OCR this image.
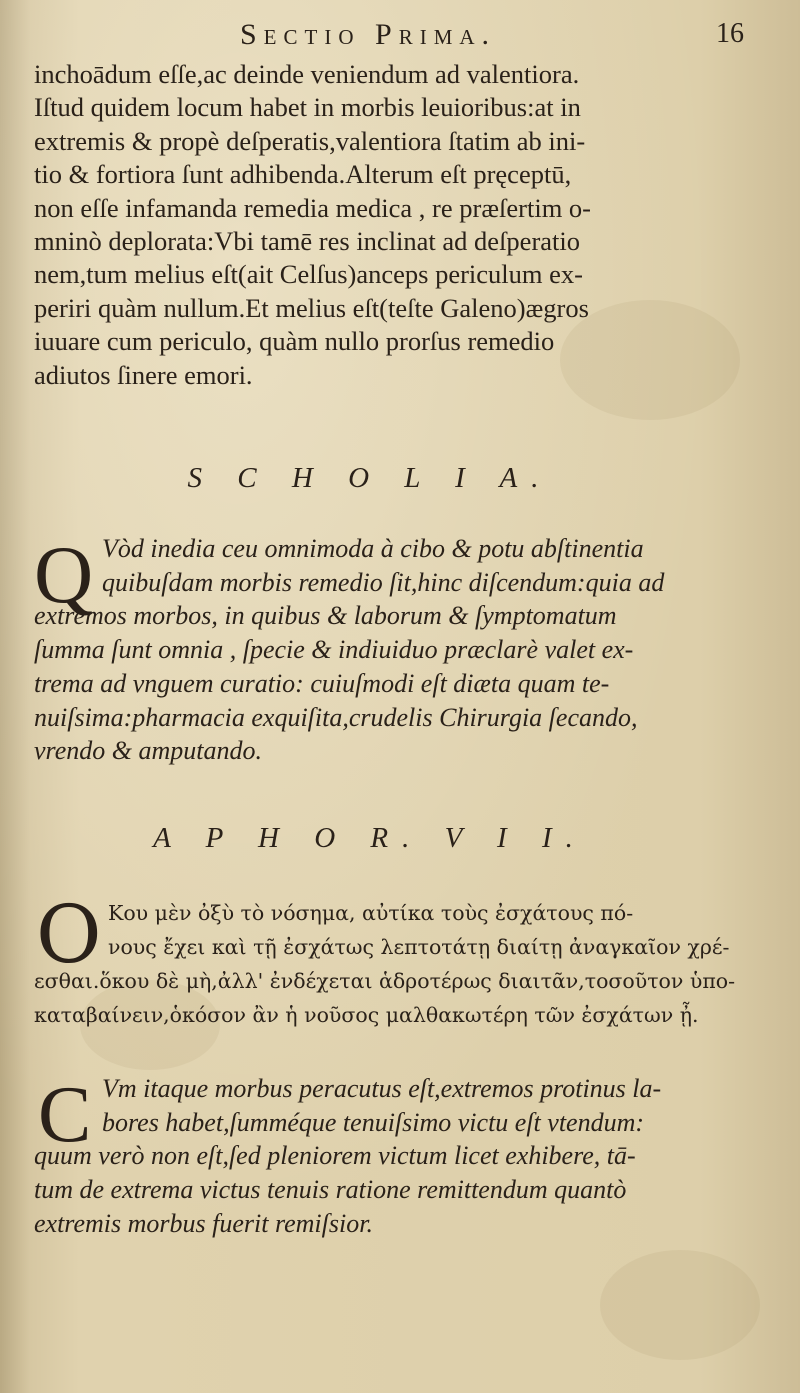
Sectio Prima.	16
inchoādum eſſe,ac deinde veniendum ad valentiora.
Iſtud quidem locum habet in morbis leuioribus:at in
extremis & propè deſperatis,valentiora ſtatim ab ini-
tio & fortiora ſunt adhibenda.Alterum eſt pręceptū,
non eſſe infamanda remedia medica , re præſertim o-
mninò deplorata:Vbi tamē res inclinat ad deſperatio
nem,tum melius eſt(ait Celſus)anceps periculum ex-
periri quàm nullum.Et melius eſt(teſte Galeno)ægros
iuuare cum periculo, quàm nullo prorſus remedio
adiutos ſinere emori.
S C H O L I A.
Q Vòd inedia ceu omnimoda à cibo & potu abſtinentia
quibuſdam morbis remedio ſit,hinc diſcendum:quia ad
extremos morbos, in quibus & laborum & ſymptomatum
ſumma ſunt omnia , ſpecie & indiuiduo præclarè valet ex-
trema ad vnguem curatio: cuiuſmodi eſt diæta quam te-
nuiſsima:pharmacia exquiſita,crudelis Chirurgia ſecando,
vrendo & amputando.
A P H O R. V I I.
O Κου μὲν ὀξὺ τὸ νόσημα, αὐτίκα τοὺς ἐσχάτους πό-
νους ἔχει καὶ τῇ ἐσχάτως λεπτοτάτῃ διαίτῃ ἀναγκαῖον χρέ-
εσθαι.ὅκου δὲ μὴ,ἀλλ' ἐνδέχεται ἁδροτέρως διαιτᾶν,τοσοῦτον ὑπο-
καταβαίνειν,ὁκόσον ἂν ἡ νοῦσος μαλθακωτέρη τῶν ἐσχάτων ᾖ.
C Vm itaque morbus peracutus eſt,extremos protinus la-
bores habet,ſumméque tenuiſsimo victu eſt vtendum:
quum verò non eſt,ſed pleniorem victum licet exhibere, tā-
tum de extrema victus tenuis ratione remittendum quantò
extremis morbus fuerit remiſsior.
